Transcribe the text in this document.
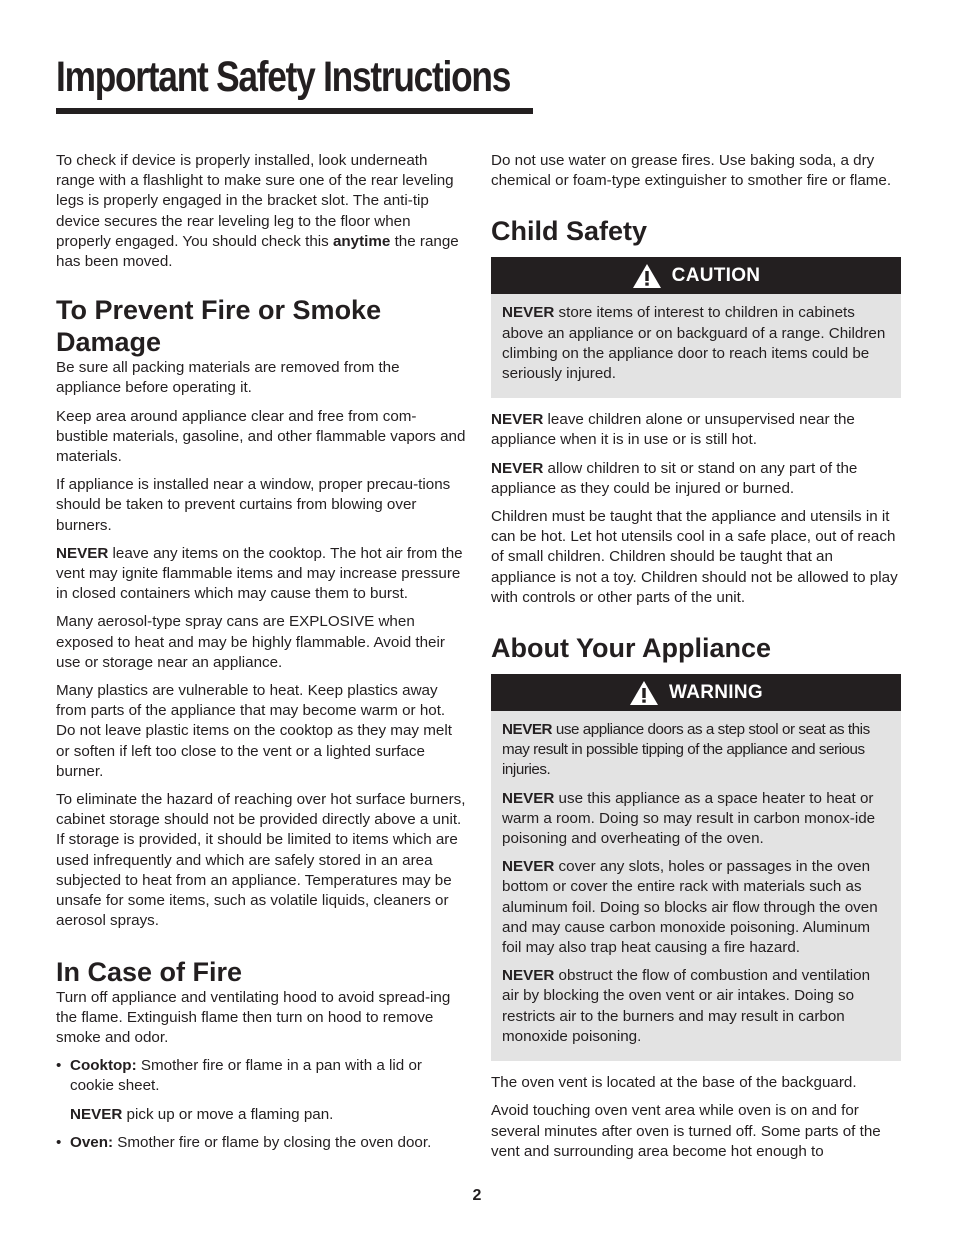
Important Safety Instructions

To check if device is properly installed, look underneath range with a flashlight to make sure one of the rear leveling legs is properly engaged in the bracket slot. The anti-tip device secures the rear leveling leg to the floor when properly engaged. You should check this anytime the range has been moved.

To Prevent Fire or Smoke Damage

Be sure all packing materials are removed from the appliance before operating it.

Keep area around appliance clear and free from com-bustible materials, gasoline, and other flammable vapors and materials.

If appliance is installed near a window, proper precau-tions should be taken to prevent curtains from blowing over burners.

NEVER leave any items on the cooktop. The hot air from the vent may ignite flammable items and may increase pressure in closed containers which may cause them to burst.

Many aerosol-type spray cans are EXPLOSIVE when exposed to heat and may be highly flammable. Avoid their use or storage near an appliance.

Many plastics are vulnerable to heat. Keep plastics away from parts of the appliance that may become warm or hot. Do not leave plastic items on the cooktop as they may melt or soften if left too close to the vent or a lighted surface burner.

To eliminate the hazard of reaching over hot surface burners, cabinet storage should not be provided directly above a unit. If storage is provided, it should be limited to items which are used infrequently and which are safely stored in an area subjected to heat from an appliance. Temperatures may be unsafe for some items, such as volatile liquids, cleaners or aerosol sprays.

In Case of Fire

Turn off appliance and ventilating hood to avoid spread-ing the flame. Extinguish flame then turn on hood to remove smoke and odor.

• Cooktop: Smother fire or flame in a pan with a lid or cookie sheet.

NEVER pick up or move a flaming pan.

• Oven: Smother fire or flame by closing the oven door.

Do not use water on grease fires. Use baking soda, a dry chemical or foam-type extinguisher to smother fire or flame.

Child Safety
CAUTION

NEVER store items of interest to children in cabinets above an appliance or on backguard of a range. Children climbing on the appliance door to reach items could be seriously injured.

NEVER leave children alone or unsupervised near the appliance when it is in use or is still hot.

NEVER allow children to sit or stand on any part of the appliance as they could be injured or burned.

Children must be taught that the appliance and utensils in it can be hot. Let hot utensils cool in a safe place, out of reach of small children. Children should be taught that an appliance is not a toy. Children should not be allowed to play with controls or other parts of the unit.

About Your Appliance
WARNING

NEVER use appliance doors as a step stool or seat as this may result in possible tipping of the appliance and serious injuries.

NEVER use this appliance as a space heater to heat or warm a room. Doing so may result in carbon monox-ide poisoning and overheating of the oven.

NEVER cover any slots, holes or passages in the oven bottom or cover the entire rack with materials such as aluminum foil. Doing so blocks air flow through the oven and may cause carbon monoxide poisoning. Aluminum foil may also trap heat causing a fire hazard.

NEVER obstruct the flow of combustion and ventilation air by blocking the oven vent or air intakes. Doing so restricts air to the burners and may result in carbon monoxide poisoning.

The oven vent is located at the base of the backguard.

Avoid touching oven vent area while oven is on and for several minutes after oven is turned off. Some parts of the vent and surrounding area become hot enough to

2
